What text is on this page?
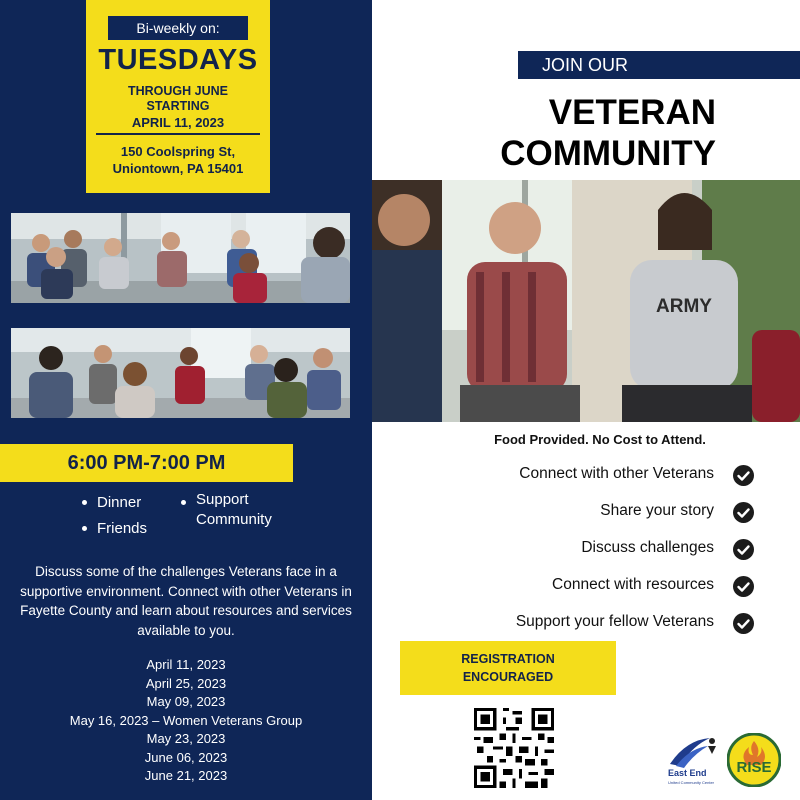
Bi-weekly on:
TUESDAYS
THROUGH JUNE
STARTING
APRIL 11, 2023
150 Coolspring St,
Uniontown, PA 15401
6:00 PM-7:00 PM
Dinner
Friends
Support
Community
Discuss some of the challenges Veterans face in a supportive environment. Connect with other Veterans in Fayette County and learn about resources and services available to you.
April 11, 2023
April 25, 2023
May 09, 2023
May 16, 2023 – Women Veterans Group
May 23, 2023
June 06, 2023
June 21, 2023
JOIN OUR
VETERAN
COMMUNITY
ARMY
Food Provided. No Cost to Attend.
Connect with other Veterans
Share your story
Discuss challenges
Connect with resources
Support your fellow Veterans
REGISTRATION
ENCOURAGED
East End
United Community Center
RISE
